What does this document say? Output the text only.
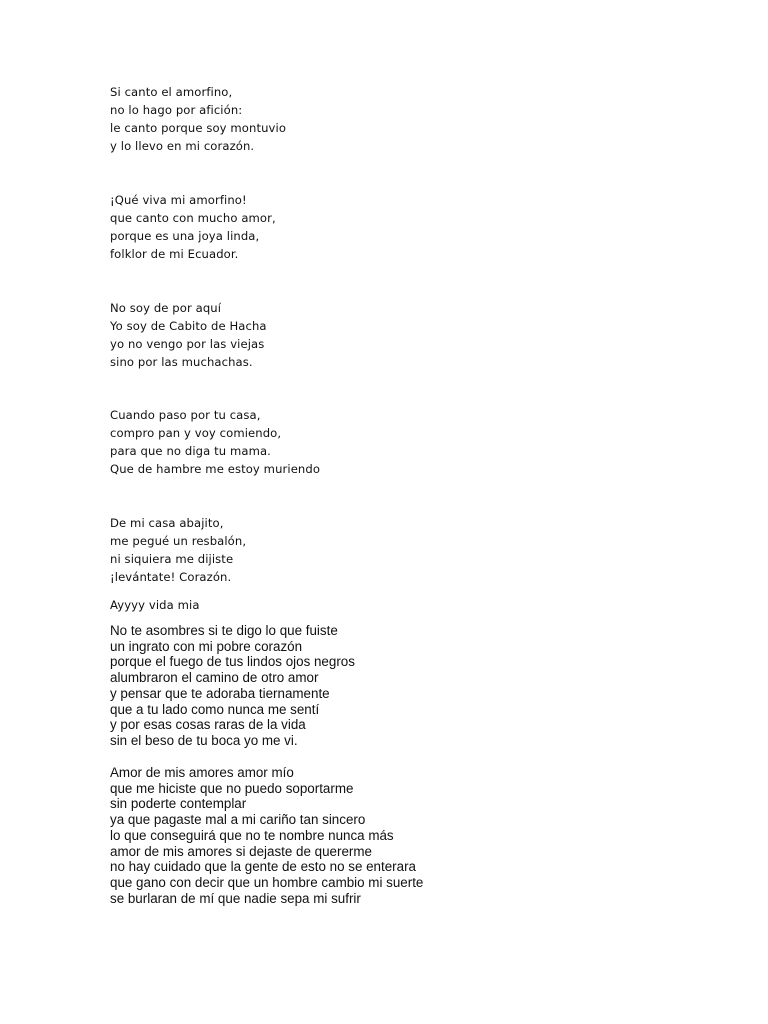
Si canto el amorfino,
no lo hago por afición:
le canto porque soy montuvio
y lo llevo en mi corazón.
¡Qué viva mi amorfino!
que canto con mucho amor,
porque es una joya linda,
folklor de mi Ecuador.
No soy de por aquí
Yo soy de Cabito de Hacha
yo no vengo por las viejas
sino por las muchachas.
Cuando paso por tu casa,
compro pan y voy comiendo,
para que no diga tu mama.
Que de hambre me estoy muriendo
De mi casa abajito,
me pegué un resbalón,
ni siquiera me dijiste
¡levántate! Corazón.
Ayyyy vida mia
No te asombres si te digo lo que fuiste
un ingrato con mi pobre corazón
porque el fuego de tus lindos ojos negros
alumbraron el camino de otro amor
y pensar que te adoraba tiernamente
que a tu lado como nunca me sentí
y por esas cosas raras de la vida
sin el beso de tu boca yo me vi.
Amor de mis amores amor mío
que me hiciste que no puedo soportarme
sin poderte contemplar
ya que pagaste mal a mi cariño tan sincero
lo que conseguirá que no te nombre nunca más
amor de mis amores si dejaste de quererme
no hay cuidado que la gente de esto no se enterara
que gano con decir que un hombre cambio mi suerte
se burlaran de mí que nadie sepa mi sufrir
